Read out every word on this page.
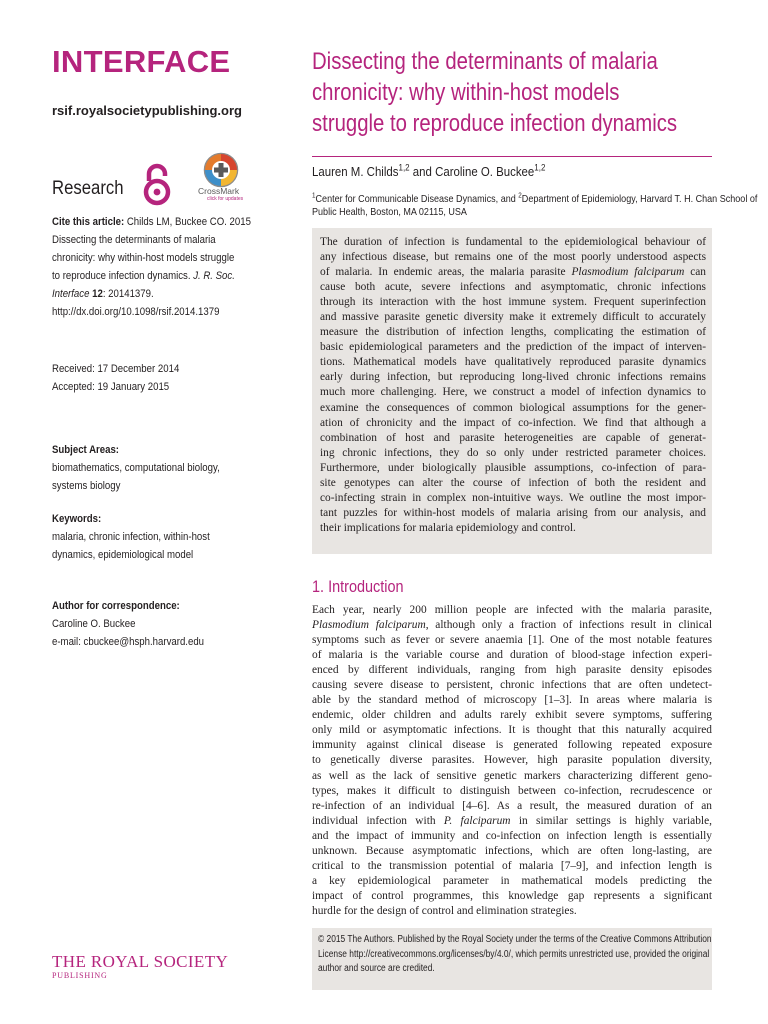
INTERFACE
rsif.royalsocietypublishing.org
Research	CrossMark
click for updates
Cite this article: Childs LM, Buckee CO. 2015
Dissecting the determinants of malaria
chronicity: why within-host models struggle
to reproduce infection dynamics. J. R. Soc.
Interface 12: 20141379.
http://dx.doi.org/10.1098/rsif.2014.1379
Received: 17 December 2014
Accepted: 19 January 2015
Subject Areas:
biomathematics, computational biology,
systems biology
Keywords:
malaria, chronic infection, within-host
dynamics, epidemiological model
Author for correspondence:
Caroline O. Buckee
e-mail: cbuckee@hsph.harvard.edu
THE ROYAL SOCIETY
PUBLISHING
Dissecting the determinants of malaria
chronicity: why within-host models
struggle to reproduce infection dynamics
Lauren M. Childs$^{1,2}$ and Caroline O. Buckee$^{1,2}$
$^1$Center for Communicable Disease Dynamics, and $^2$Department of Epidemiology, Harvard T. H. Chan School of
Public Health, Boston, MA 02115, USA
The duration of infection is fundamental to the epidemiological behaviour of
any infectious disease, but remains one of the most poorly understood aspects
of malaria. In endemic areas, the malaria parasite Plasmodium falciparum can
cause both acute, severe infections and asymptomatic, chronic infections
through its interaction with the host immune system. Frequent superinfection
and massive parasite genetic diversity make it extremely difficult to accurately
measure the distribution of infection lengths, complicating the estimation of
basic epidemiological parameters and the prediction of the impact of interven-
tions. Mathematical models have qualitatively reproduced parasite dynamics
early during infection, but reproducing long-lived chronic infections remains
much more challenging. Here, we construct a model of infection dynamics to
examine the consequences of common biological assumptions for the gener-
ation of chronicity and the impact of co-infection. We find that although a
combination of host and parasite heterogeneities are capable of generat-
ing chronic infections, they do so only under restricted parameter choices.
Furthermore, under biologically plausible assumptions, co-infection of para-
site genotypes can alter the course of infection of both the resident and
co-infecting strain in complex non-intuitive ways. We outline the most impor-
tant puzzles for within-host models of malaria arising from our analysis, and
their implications for malaria epidemiology and control.
1. Introduction
Each year, nearly 200 million people are infected with the malaria parasite,
Plasmodium falciparum, although only a fraction of infections result in clinical
symptoms such as fever or severe anaemia [1]. One of the most notable features
of malaria is the variable course and duration of blood-stage infection experi-
enced by different individuals, ranging from high parasite density episodes
causing severe disease to persistent, chronic infections that are often undetect-
able by the standard method of microscopy [1–3]. In areas where malaria is
endemic, older children and adults rarely exhibit severe symptoms, suffering
only mild or asymptomatic infections. It is thought that this naturally acquired
immunity against clinical disease is generated following repeated exposure
to genetically diverse parasites. However, high parasite population diversity,
as well as the lack of sensitive genetic markers characterizing different geno-
types, makes it difficult to distinguish between co-infection, recrudescence or
re-infection of an individual [4–6]. As a result, the measured duration of an
individual infection with P. falciparum in similar settings is highly variable,
and the impact of immunity and co-infection on infection length is essentially
unknown. Because asymptomatic infections, which are often long-lasting, are
critical to the transmission potential of malaria [7–9], and infection length is
a key epidemiological parameter in mathematical models predicting the
impact of control programmes, this knowledge gap represents a significant
hurdle for the design of control and elimination strategies.
© 2015 The Authors. Published by the Royal Society under the terms of the Creative Commons Attribution
License http://creativecommons.org/licenses/by/4.0/, which permits unrestricted use, provided the original
author and source are credited.
